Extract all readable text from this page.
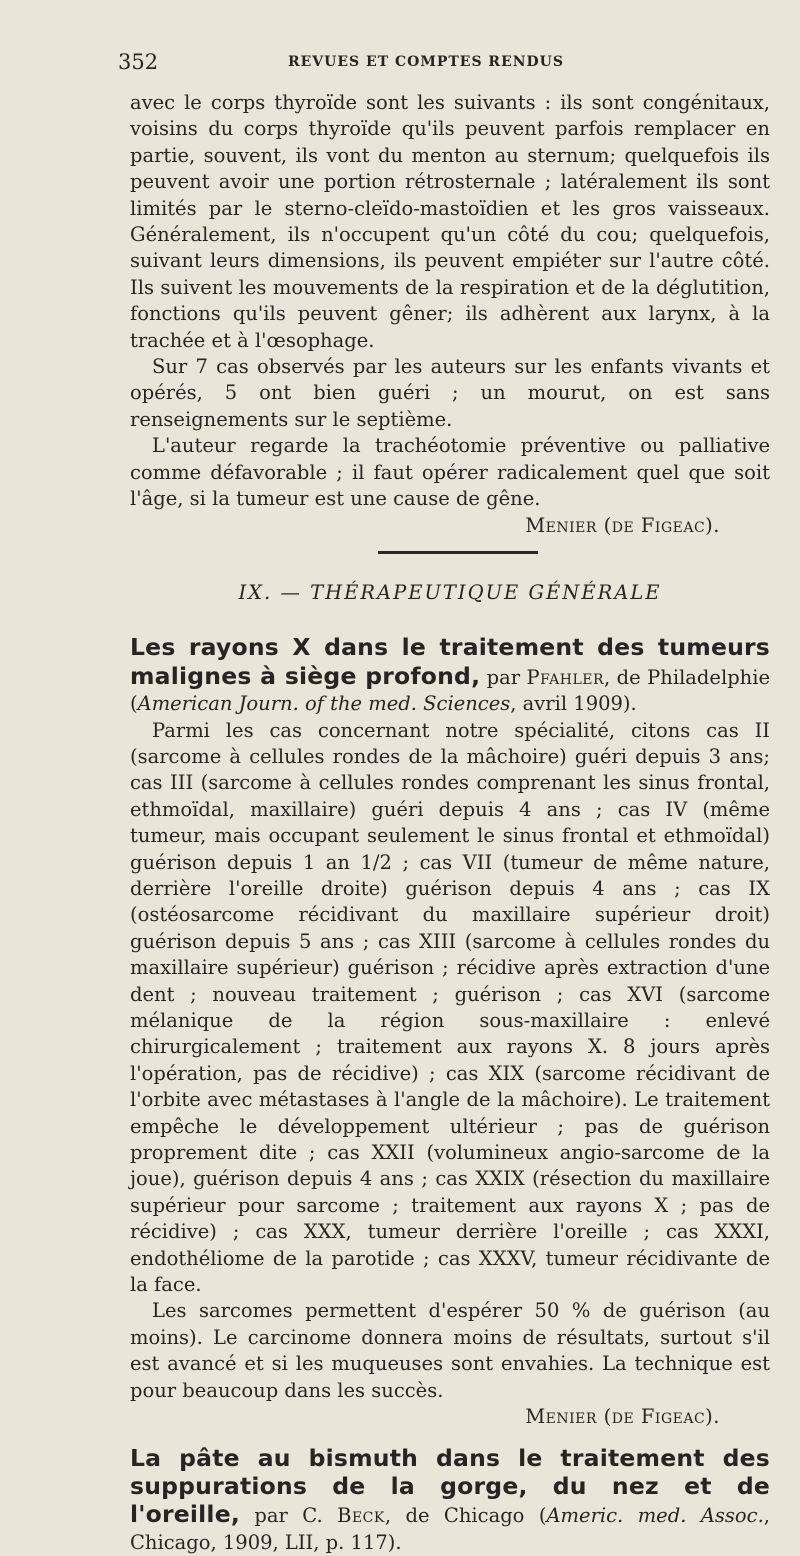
352	REVUES ET COMPTES RENDUS

avec le corps thyroïde sont les suivants : ils sont congénitaux, voisins du corps thyroïde qu'ils peuvent parfois remplacer en partie, souvent, ils vont du menton au sternum; quelquefois ils peuvent avoir une portion rétrosternale ; latéralement ils sont limités par le sterno-cleïdo-mastoïdien et les gros vaisseaux. Généralement, ils n'occupent qu'un côté du cou; quelquefois, suivant leurs dimensions, ils peuvent empiéter sur l'autre côté. Ils suivent les mouvements de la respiration et de la déglutition, fonctions qu'ils peuvent gêner; ils adhèrent aux larynx, à la trachée et à l'œsophage.

Sur 7 cas observés par les auteurs sur les enfants vivants et opérés, 5 ont bien guéri ; un mourut, on est sans renseignements sur le septième.

L'auteur regarde la trachéotomie préventive ou palliative comme défavorable ; il faut opérer radicalement quel que soit l'âge, si la tumeur est une cause de gêne.

Menier (de Figeac).
IX. — THÉRAPEUTIQUE GÉNÉRALE

Les rayons X dans le traitement des tumeurs malignes à siège profond, par Pfahler, de Philadelphie (American Journ. of the med. Sciences, avril 1909).

Parmi les cas concernant notre spécialité, citons cas II (sarcome à cellules rondes de la mâchoire) guéri depuis 3 ans; cas III (sarcome à cellules rondes comprenant les sinus frontal, ethmoïdal, maxillaire) guéri depuis 4 ans ; cas IV (même tumeur, mais occupant seulement le sinus frontal et ethmoïdal) guérison depuis 1 an 1/2 ; cas VII (tumeur de même nature, derrière l'oreille droite) guérison depuis 4 ans ; cas IX (ostéosarcome récidivant du maxillaire supérieur droit) guérison depuis 5 ans ; cas XIII (sarcome à cellules rondes du maxillaire supérieur) guérison ; récidive après extraction d'une dent ; nouveau traitement ; guérison ; cas XVI (sarcome mélanique de la région sous-maxillaire : enlevé chirurgicalement ; traitement aux rayons X. 8 jours après l'opération, pas de récidive) ; cas XIX (sarcome récidivant de l'orbite avec métastases à l'angle de la mâchoire). Le traitement empêche le développement ultérieur ; pas de guérison proprement dite ; cas XXII (volumineux angio-sarcome de la joue), guérison depuis 4 ans ; cas XXIX (résection du maxillaire supérieur pour sarcome ; traitement aux rayons X ; pas de récidive) ; cas XXX, tumeur derrière l'oreille ; cas XXXI, endothéliome de la parotide ; cas XXXV, tumeur récidivante de la face.

Les sarcomes permettent d'espérer 50 % de guérison (au moins). Le carcinome donnera moins de résultats, surtout s'il est avancé et si les muqueuses sont envahies. La technique est pour beaucoup dans les succès.

Menier (de Figeac).

La pâte au bismuth dans le traitement des suppurations de la gorge, du nez et de l'oreille, par C. Beck, de Chicago (Americ. med. Assoc., Chicago, 1909, LII, p. 117).
